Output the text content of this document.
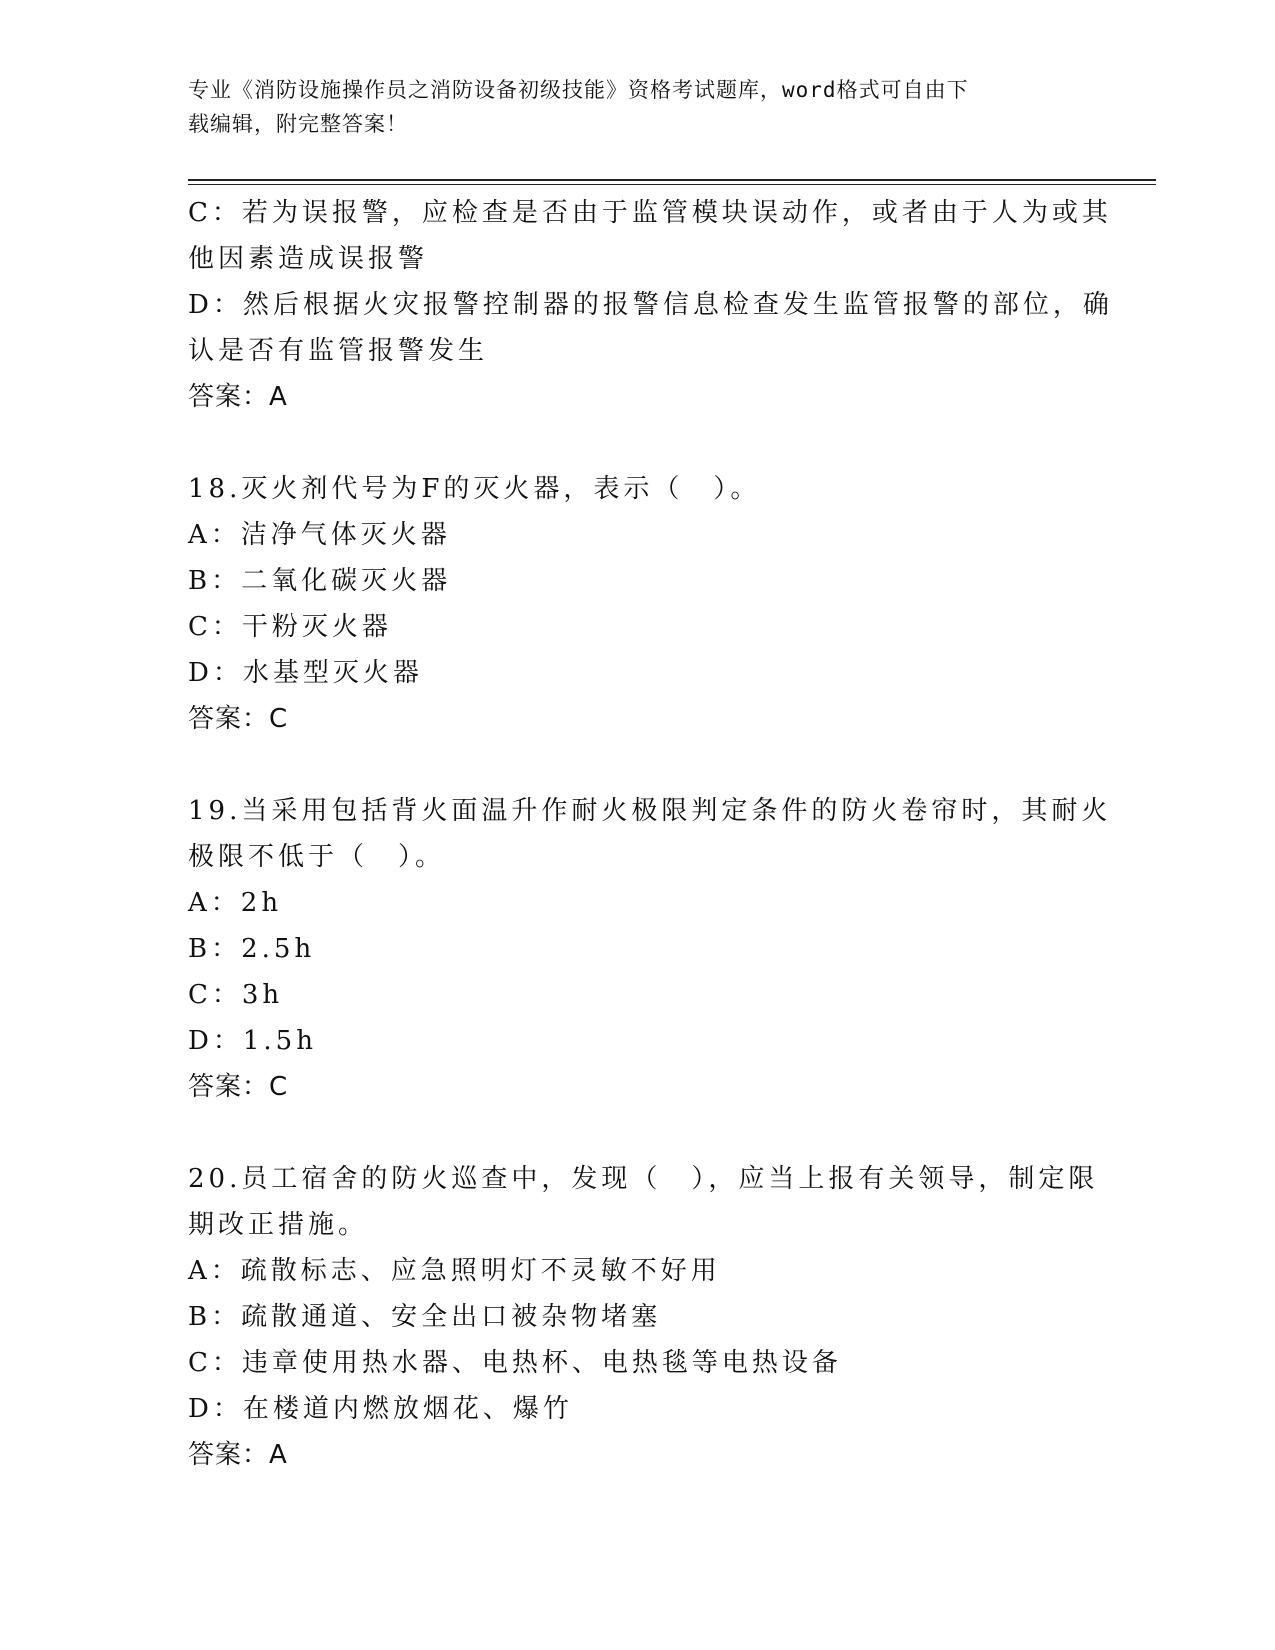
专业《消防设施操作员之消防设备初级技能》资格考试题库，word格式可自由下
载编辑，附完整答案！
C：若为误报警，应检查是否由于监管模块误动作，或者由于人为或其
他因素造成误报警
D：然后根据火灾报警控制器的报警信息检查发生监管报警的部位，确
认是否有监管报警发生
答案：A
18.灭火剂代号为F的灭火器，表示（　）。
A：洁净气体灭火器
B：二氧化碳灭火器
C：干粉灭火器
D：水基型灭火器
答案：C
19.当采用包括背火面温升作耐火极限判定条件的防火卷帘时，其耐火
极限不低于（　）。
A：2h
B：2.5h
C：3h
D：1.5h
答案：C
20.员工宿舍的防火巡查中，发现（　），应当上报有关领导，制定限
期改正措施。
A：疏散标志、应急照明灯不灵敏不好用
B：疏散通道、安全出口被杂物堵塞
C：违章使用热水器、电热杯、电热毯等电热设备
D：在楼道内燃放烟花、爆竹
答案：A
